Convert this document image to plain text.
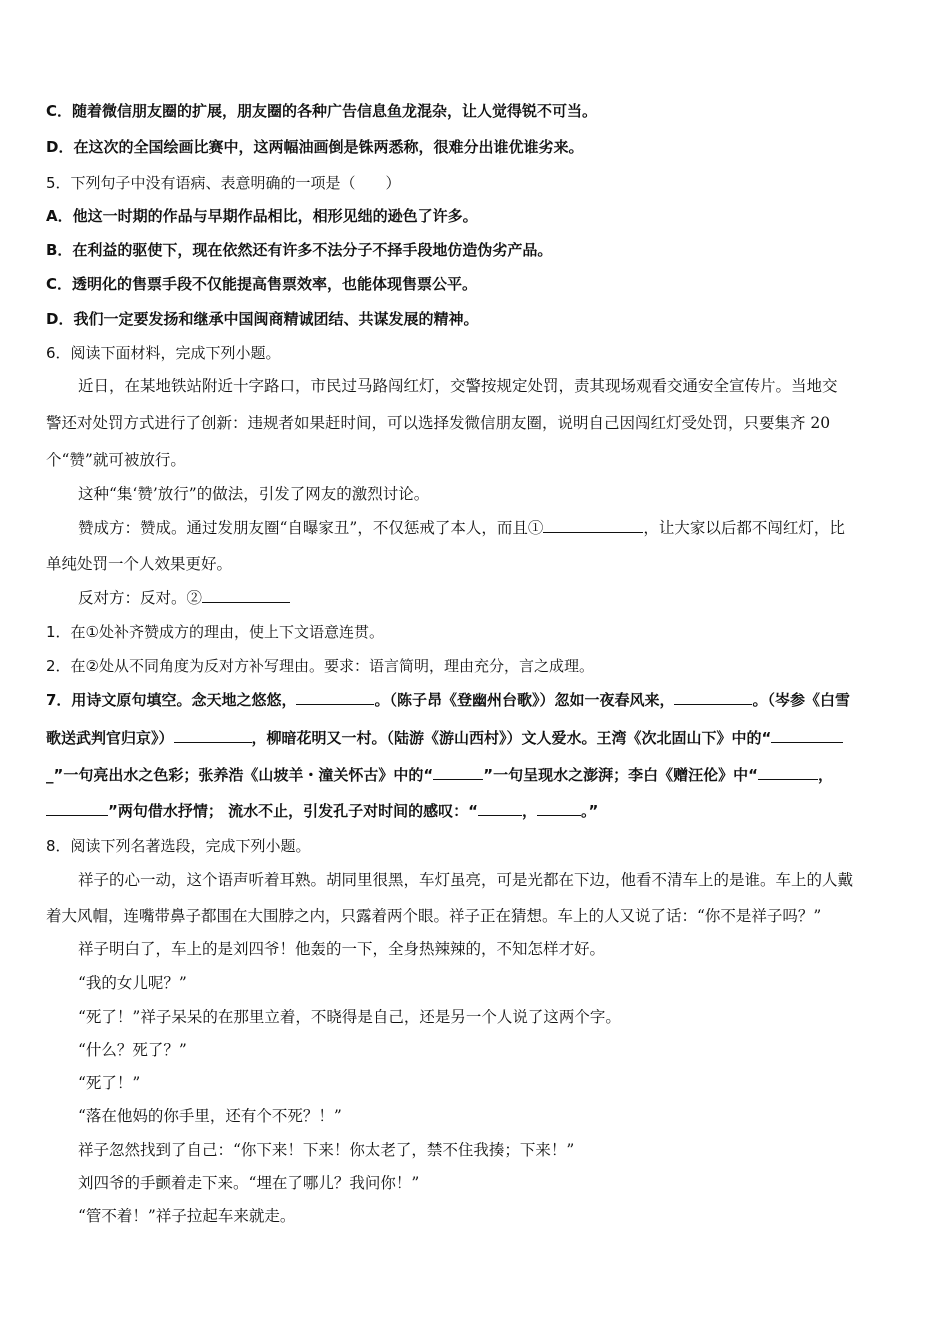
C．随着微信朋友圈的扩展，朋友圈的各种广告信息鱼龙混杂，让人觉得锐不可当。
D．在这次的全国绘画比赛中，这两幅油画倒是铢两悉称，很难分出谁优谁劣来。
5．下列句子中没有语病、表意明确的一项是（　　）
A．他这一时期的作品与早期作品相比，相形见绌的逊色了许多。
B．在利益的驱使下，现在依然还有许多不法分子不择手段地仿造伪劣产品。
C．透明化的售票手段不仅能提高售票效率，也能体现售票公平。
D．我们一定要发扬和继承中国闽商精诚团结、共谋发展的精神。
6．阅读下面材料，完成下列小题。
近日，在某地铁站附近十字路口，市民过马路闯红灯，交警按规定处罚，责其现场观看交通安全宣传片。当地交
警还对处罚方式进行了创新：违规者如果赶时间，可以选择发微信朋友圈，说明自己因闯红灯受处罚，只要集齐 20
个“赞”就可被放行。
这种“集‘赞’放行”的做法，引发了网友的激烈讨论。
赞成方：赞成。通过发朋友圈“自曝家丑”，不仅惩戒了本人，而且①	，让大家以后都不闯红灯，比
单纯处罚一个人效果更好。
反对方：反对。②
1．在①处补齐赞成方的理由，使上下文语意连贯。
2．在②处从不同角度为反对方补写理由。要求：语言简明，理由充分，言之成理。
7．用诗文原句填空。念天地之悠悠，	。（陈子昂《登幽州台歌》）忽如一夜春风来，	。（岑参《白雪
歌送武判官归京》）	，柳暗花明又一村。（陆游《游山西村》）文人爱水。王湾《次北固山下》中的“
_”一句亮出水之色彩；张养浩《山坡羊・潼关怀古》中的“	”一句呈现水之澎湃；李白《赠汪伦》中“	，
”两句借水抒情； 流水不止，引发孔子对时间的感叹：“	，	。”
8．阅读下列名著选段，完成下列小题。
祥子的心一动，这个语声听着耳熟。胡同里很黑，车灯虽亮，可是光都在下边，他看不清车上的是谁。车上的人戴
着大风帽，连嘴带鼻子都围在大围脖之内，只露着两个眼。祥子正在猜想。车上的人又说了话：“你不是祥子吗？”
祥子明白了，车上的是刘四爷！他轰的一下，全身热辣辣的，不知怎样才好。
“我的女儿呢？”
“死了！”祥子呆呆的在那里立着，不晓得是自己，还是另一个人说了这两个字。
“什么？死了？”
“死了！”
“落在他妈的你手里，还有个不死？！”
祥子忽然找到了自己：“你下来！下来！你太老了，禁不住我揍；下来！”
刘四爷的手颤着走下来。“埋在了哪儿？我问你！”
“管不着！”祥子拉起车来就走。
